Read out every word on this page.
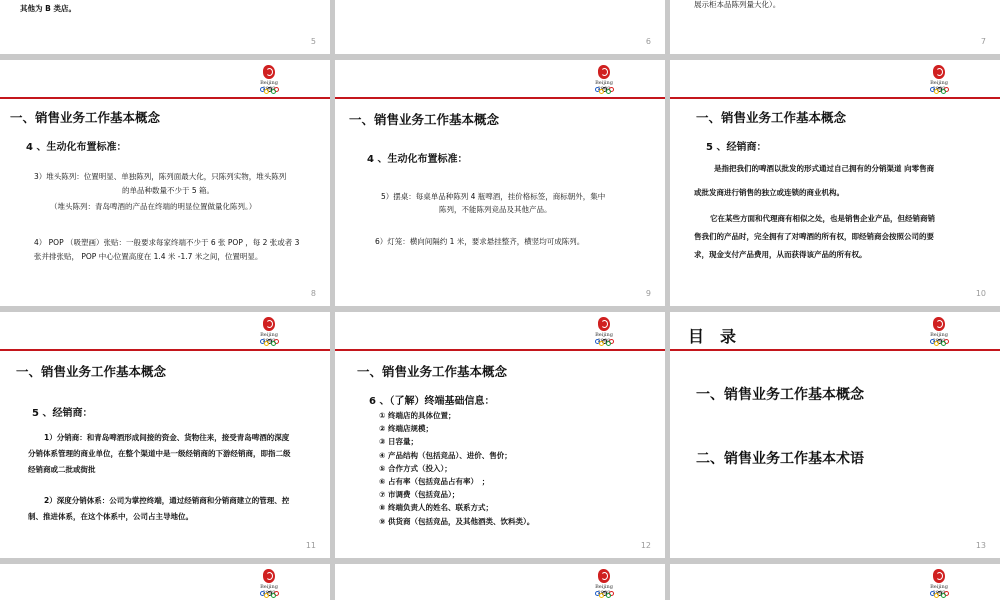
其他为 B 类店。
5	6
展示柜本品陈列量大化）。
7
Beijing 2008
一、销售业务工作基本概念
4 、生动化布置标准：
3）堆头陈列：位置明显、单独陈列，陈列面最大化，只陈列实物，堆头陈列
的单品种数量不少于 5 箱。
（堆头陈列：青岛啤酒的产品在终端的明显位置做量化陈列。）
4） POP （吸塑画）张贴：一般要求每家终端不少于 6 张 POP ，每 2 张或者 3
张并排张贴， POP 中心位置高度在 1.4 米 -1.7 米之间，位置明显。
8
Beijing 2008
一、销售业务工作基本概念
4 、生动化布置标准：
5）摆桌：每桌单品种陈列 4 瓶啤酒，挂价格标签，商标朝外，集中
陈列，不能陈列竞品及其他产品。
6）灯笼：横向间隔约 1 米，要求悬挂整齐，横竖均可成陈列。
9
Beijing 2008
一、销售业务工作基本概念
5 、经销商：
是指把我们的啤酒以批发的形式通过自己拥有的分销渠道 向零售商
或批发商进行销售的独立或连锁的商业机构。
它在某些方面和代理商有相似之处，也是销售企业产品，但经销商销
售我们的产品时，完全拥有了对啤酒的所有权，即经销商会按照公司的要
求，现金支付产品费用，从而获得该产品的所有权。
10
Beijing 2008
一、销售业务工作基本概念
5 、经销商：
1）分销商：和青岛啤酒形成间接的资金、货物往来，接受青岛啤酒的深度
分销体系管理的商业单位，在整个渠道中是一级经销商的下游经销商，即指二级
经销商或二批或街批
2）深度分销体系：公司为掌控终端，通过经销商和分销商建立的管理、控
制、推进体系，在这个体系中，公司占主导地位。
11
Beijing 2008
一、销售业务工作基本概念
6 、（了解）终端基础信息：
① 终端店的具体位置；
② 终端店规模；
③ 日容量；
④ 产品结构（包括竞品）、进价、售价；
⑤ 合作方式（投入）；
⑥ 占有率（包括竞品占有率）　；
⑦ 市调费（包括竞品）；
⑧ 终端负责人的姓名、联系方式；
⑨ 供货商（包括竞品，及其他酒类、饮料类）。
12
Beijing 2008
目　录
一、销售业务工作基本概念
二、销售业务工作基本术语
13
Beijing 2008
Beijing 2008
Beijing 2008
